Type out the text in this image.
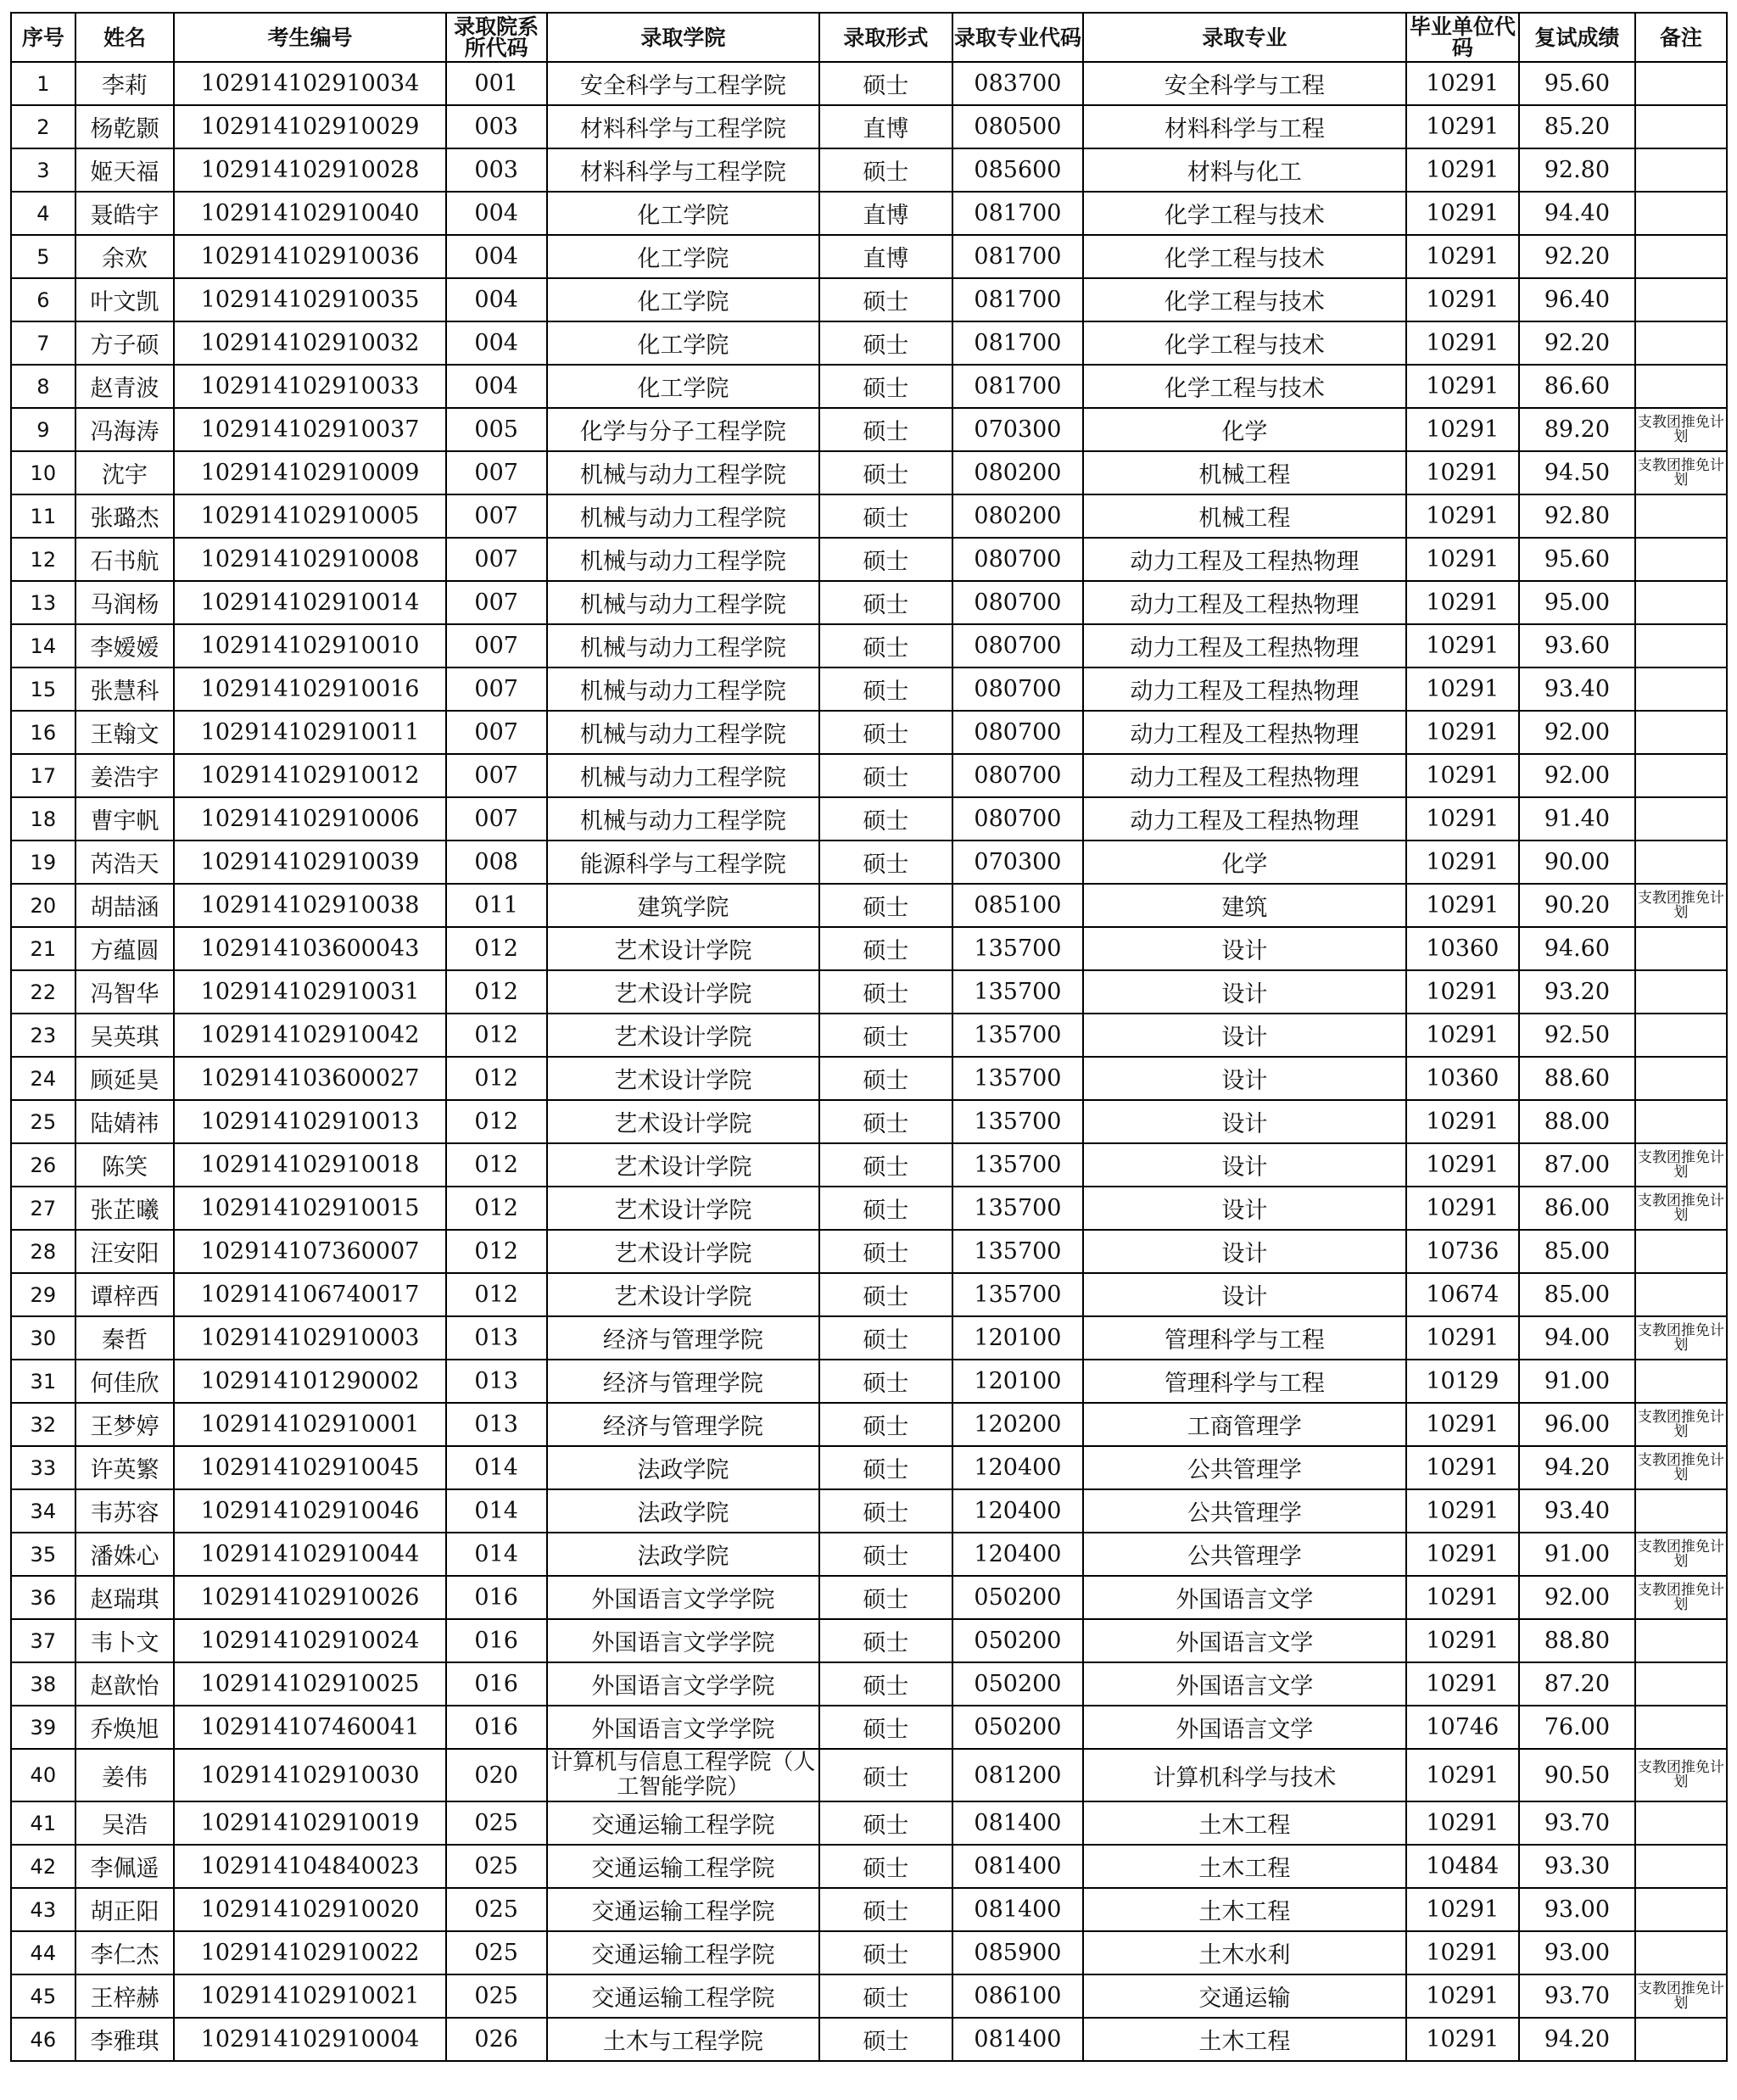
序号	姓名	考生编号	录取院系所代码	录取学院	录取形式	录取专业代码	录取专业	毕业单位代码	复试成绩	备注
1	李莉	102914102910034	001	安全科学与工程学院	硕士	083700	安全科学与工程	10291	95.60	
2	杨乾颢	102914102910029	003	材料科学与工程学院	直博	080500	材料科学与工程	10291	85.20	
3	姬天福	102914102910028	003	材料科学与工程学院	硕士	085600	材料与化工	10291	92.80	
4	聂皓宇	102914102910040	004	化工学院	直博	081700	化学工程与技术	10291	94.40	
5	余欢	102914102910036	004	化工学院	直博	081700	化学工程与技术	10291	92.20	
6	叶文凯	102914102910035	004	化工学院	硕士	081700	化学工程与技术	10291	96.40	
7	方子硕	102914102910032	004	化工学院	硕士	081700	化学工程与技术	10291	92.20	
8	赵青波	102914102910033	004	化工学院	硕士	081700	化学工程与技术	10291	86.60	
9	冯海涛	102914102910037	005	化学与分子工程学院	硕士	070300	化学	10291	89.20	支教团推免计划
10	沈宇	102914102910009	007	机械与动力工程学院	硕士	080200	机械工程	10291	94.50	支教团推免计划
11	张璐杰	102914102910005	007	机械与动力工程学院	硕士	080200	机械工程	10291	92.80	
12	石书航	102914102910008	007	机械与动力工程学院	硕士	080700	动力工程及工程热物理	10291	95.60	
13	马润杨	102914102910014	007	机械与动力工程学院	硕士	080700	动力工程及工程热物理	10291	95.00	
14	李嫒嫒	102914102910010	007	机械与动力工程学院	硕士	080700	动力工程及工程热物理	10291	93.60	
15	张慧科	102914102910016	007	机械与动力工程学院	硕士	080700	动力工程及工程热物理	10291	93.40	
16	王翰文	102914102910011	007	机械与动力工程学院	硕士	080700	动力工程及工程热物理	10291	92.00	
17	姜浩宇	102914102910012	007	机械与动力工程学院	硕士	080700	动力工程及工程热物理	10291	92.00	
18	曹宇帆	102914102910006	007	机械与动力工程学院	硕士	080700	动力工程及工程热物理	10291	91.40	
19	芮浩天	102914102910039	008	能源科学与工程学院	硕士	070300	化学	10291	90.00	
20	胡喆涵	102914102910038	011	建筑学院	硕士	085100	建筑	10291	90.20	支教团推免计划
21	方蕴圆	102914103600043	012	艺术设计学院	硕士	135700	设计	10360	94.60	
22	冯智华	102914102910031	012	艺术设计学院	硕士	135700	设计	10291	93.20	
23	吴英琪	102914102910042	012	艺术设计学院	硕士	135700	设计	10291	92.50	
24	顾延昊	102914103600027	012	艺术设计学院	硕士	135700	设计	10360	88.60	
25	陆婧祎	102914102910013	012	艺术设计学院	硕士	135700	设计	10291	88.00	
26	陈笑	102914102910018	012	艺术设计学院	硕士	135700	设计	10291	87.00	支教团推免计划
27	张芷曦	102914102910015	012	艺术设计学院	硕士	135700	设计	10291	86.00	支教团推免计划
28	汪安阳	102914107360007	012	艺术设计学院	硕士	135700	设计	10736	85.00	
29	谭梓西	102914106740017	012	艺术设计学院	硕士	135700	设计	10674	85.00	
30	秦哲	102914102910003	013	经济与管理学院	硕士	120100	管理科学与工程	10291	94.00	支教团推免计划
31	何佳欣	102914101290002	013	经济与管理学院	硕士	120100	管理科学与工程	10129	91.00	
32	王梦婷	102914102910001	013	经济与管理学院	硕士	120200	工商管理学	10291	96.00	支教团推免计划
33	许英繁	102914102910045	014	法政学院	硕士	120400	公共管理学	10291	94.20	支教团推免计划
34	韦苏容	102914102910046	014	法政学院	硕士	120400	公共管理学	10291	93.40	
35	潘姝心	102914102910044	014	法政学院	硕士	120400	公共管理学	10291	91.00	支教团推免计划
36	赵瑞琪	102914102910026	016	外国语言文学学院	硕士	050200	外国语言文学	10291	92.00	支教团推免计划
37	韦卜文	102914102910024	016	外国语言文学学院	硕士	050200	外国语言文学	10291	88.80	
38	赵歆怡	102914102910025	016	外国语言文学学院	硕士	050200	外国语言文学	10291	87.20	
39	乔焕旭	102914107460041	016	外国语言文学学院	硕士	050200	外国语言文学	10746	76.00	
40	姜伟	102914102910030	020	计算机与信息工程学院（人工智能学院）	硕士	081200	计算机科学与技术	10291	90.50	支教团推免计划
41	吴浩	102914102910019	025	交通运输工程学院	硕士	081400	土木工程	10291	93.70	
42	李佩遥	102914104840023	025	交通运输工程学院	硕士	081400	土木工程	10484	93.30	
43	胡正阳	102914102910020	025	交通运输工程学院	硕士	081400	土木工程	10291	93.00	
44	李仁杰	102914102910022	025	交通运输工程学院	硕士	085900	土木水利	10291	93.00	
45	王梓赫	102914102910021	025	交通运输工程学院	硕士	086100	交通运输	10291	93.70	支教团推免计划
46	李雅琪	102914102910004	026	土木与工程学院	硕士	081400	土木工程	10291	94.20	
